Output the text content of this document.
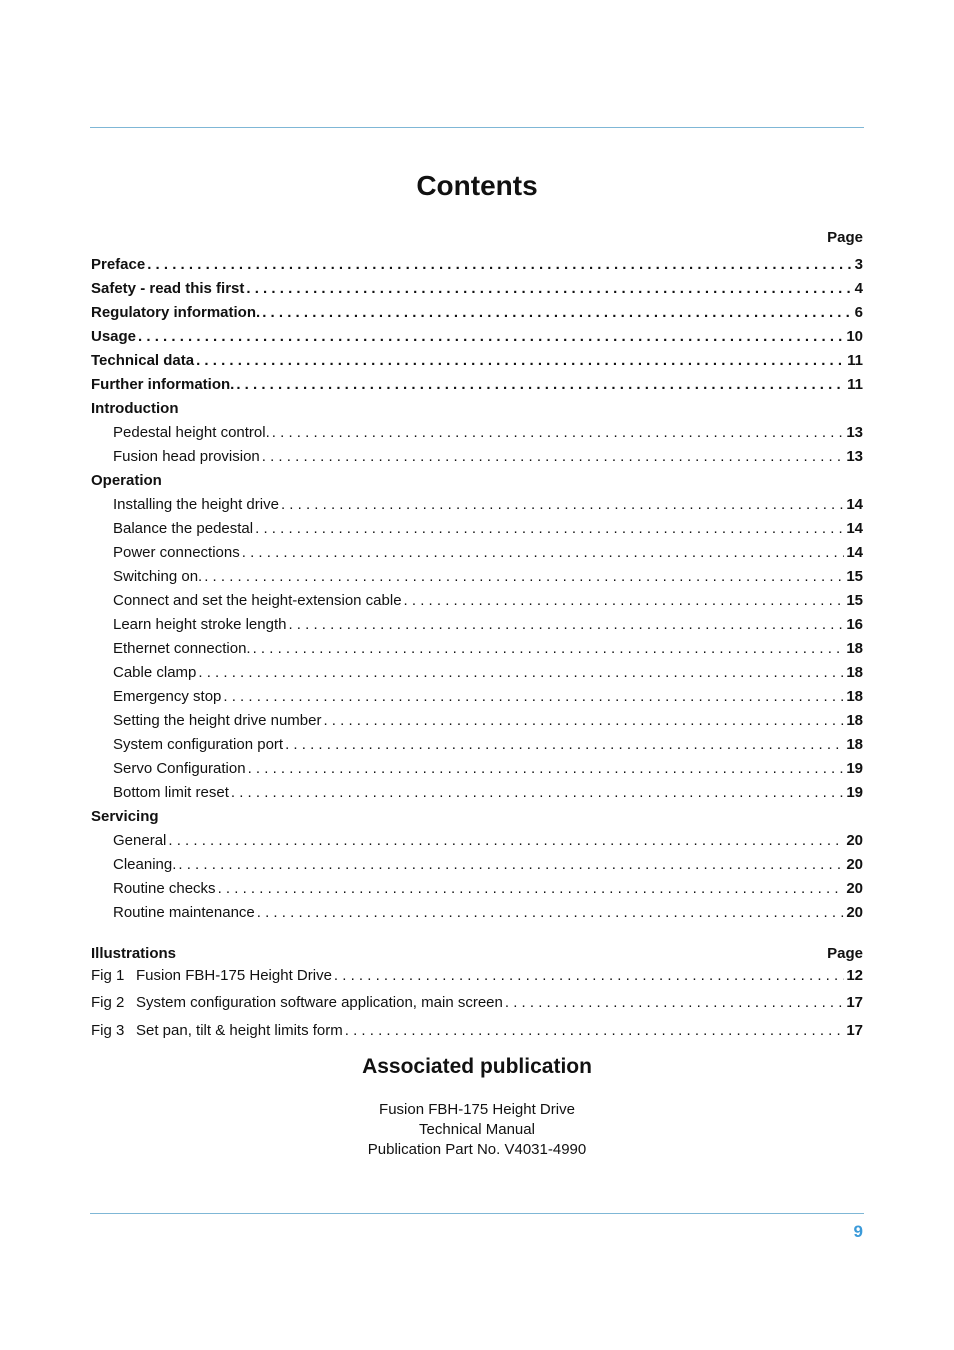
Contents
Page
Preface . . .	3
Safety - read this first . . .	4
Regulatory information. . . .	6
Usage . . .	10
Technical data . . .	11
Further information. . . .	11
Introduction
Pedestal height control. . . .	13
Fusion head provision . . .	13
Operation
Installing the height drive . . .	14
Balance the pedestal . . .	14
Power connections . . .	14
Switching on. . . .	15
Connect and set the height-extension cable . . .	15
Learn height stroke length . . .	16
Ethernet connection. . . .	18
Cable clamp . . .	18
Emergency stop . . .	18
Setting the height drive number . . .	18
System configuration port . . .	18
Servo Configuration . . .	19
Bottom limit reset . . .	19
Servicing
General . . .	20
Cleaning. . . .	20
Routine checks . . .	20
Routine maintenance . . .	20
Illustrations	Page
Fig 1 Fusion FBH-175 Height Drive . . .	12
Fig 2 System configuration software application, main screen . . .	17
Fig 3 Set pan, tilt & height limits form . . .	17
Associated publication
Fusion FBH-175 Height Drive
Technical Manual
Publication Part No. V4031-4990
9
